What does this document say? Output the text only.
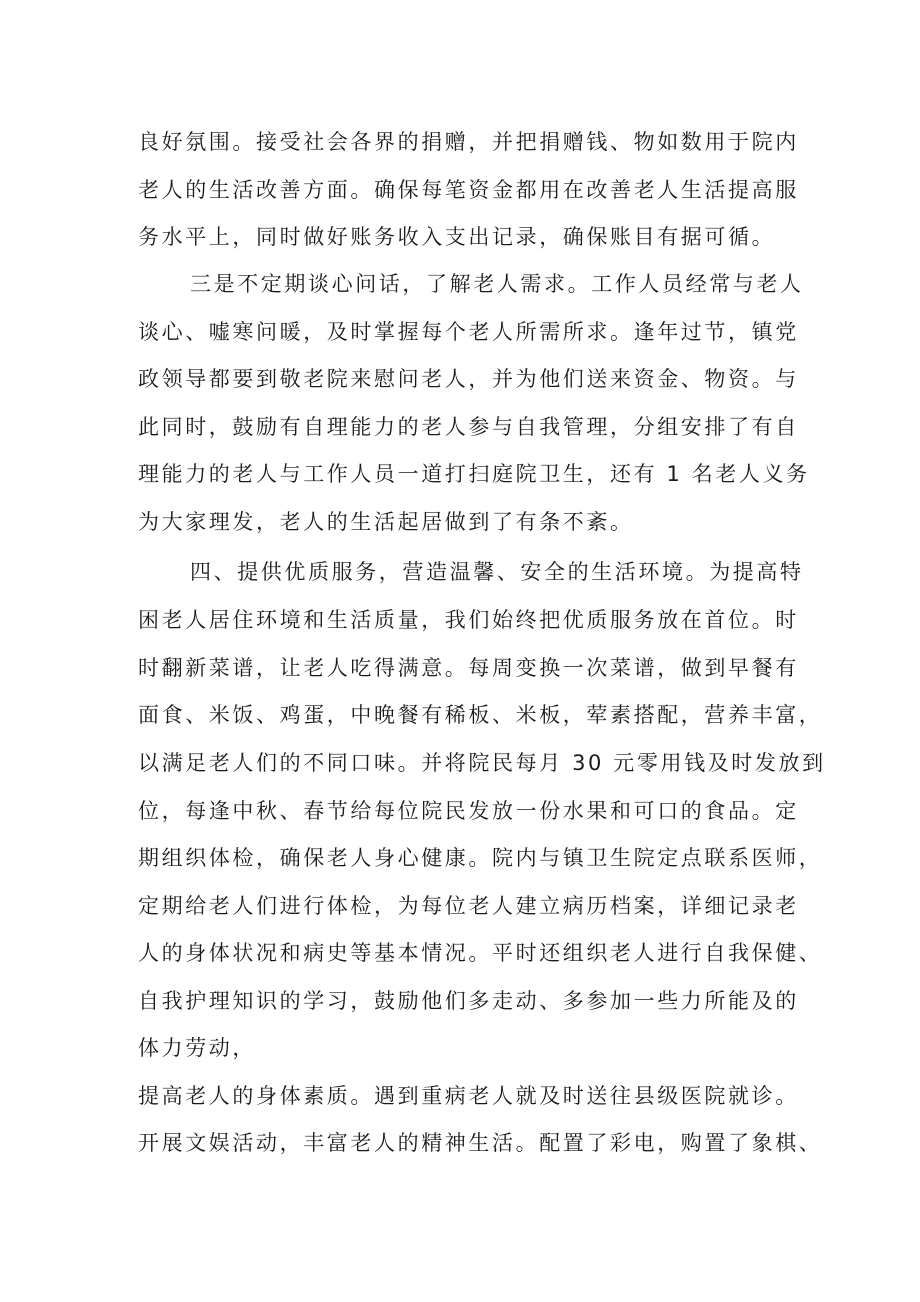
良好氛围。接受社会各界的捐赠，并把捐赠钱、物如数用于院内
老人的生活改善方面。确保每笔资金都用在改善老人生活提高服
务水平上，同时做好账务收入支出记录，确保账目有据可循。
三是不定期谈心问话，了解老人需求。工作人员经常与老人
谈心、嘘寒问暖，及时掌握每个老人所需所求。逢年过节，镇党
政领导都要到敬老院来慰问老人，并为他们送来资金、物资。与
此同时，鼓励有自理能力的老人参与自我管理，分组安排了有自
理能力的老人与工作人员一道打扫庭院卫生，还有 1 名老人义务
为大家理发，老人的生活起居做到了有条不紊。
四、提供优质服务，营造温馨、安全的生活环境。为提高特
困老人居住环境和生活质量，我们始终把优质服务放在首位。时
时翻新菜谱，让老人吃得满意。每周变换一次菜谱，做到早餐有
面食、米饭、鸡蛋，中晚餐有稀板、米板，荤素搭配，营养丰富，
以满足老人们的不同口味。并将院民每月 30 元零用钱及时发放到
位，每逢中秋、春节给每位院民发放一份水果和可口的食品。定
期组织体检，确保老人身心健康。院内与镇卫生院定点联系医师，
定期给老人们进行体检，为每位老人建立病历档案，详细记录老
人的身体状况和病史等基本情况。平时还组织老人进行自我保健、
自我护理知识的学习，鼓励他们多走动、多参加一些力所能及的
体力劳动，
提高老人的身体素质。遇到重病老人就及时送往县级医院就诊。
开展文娱活动，丰富老人的精神生活。配置了彩电，购置了象棋、
